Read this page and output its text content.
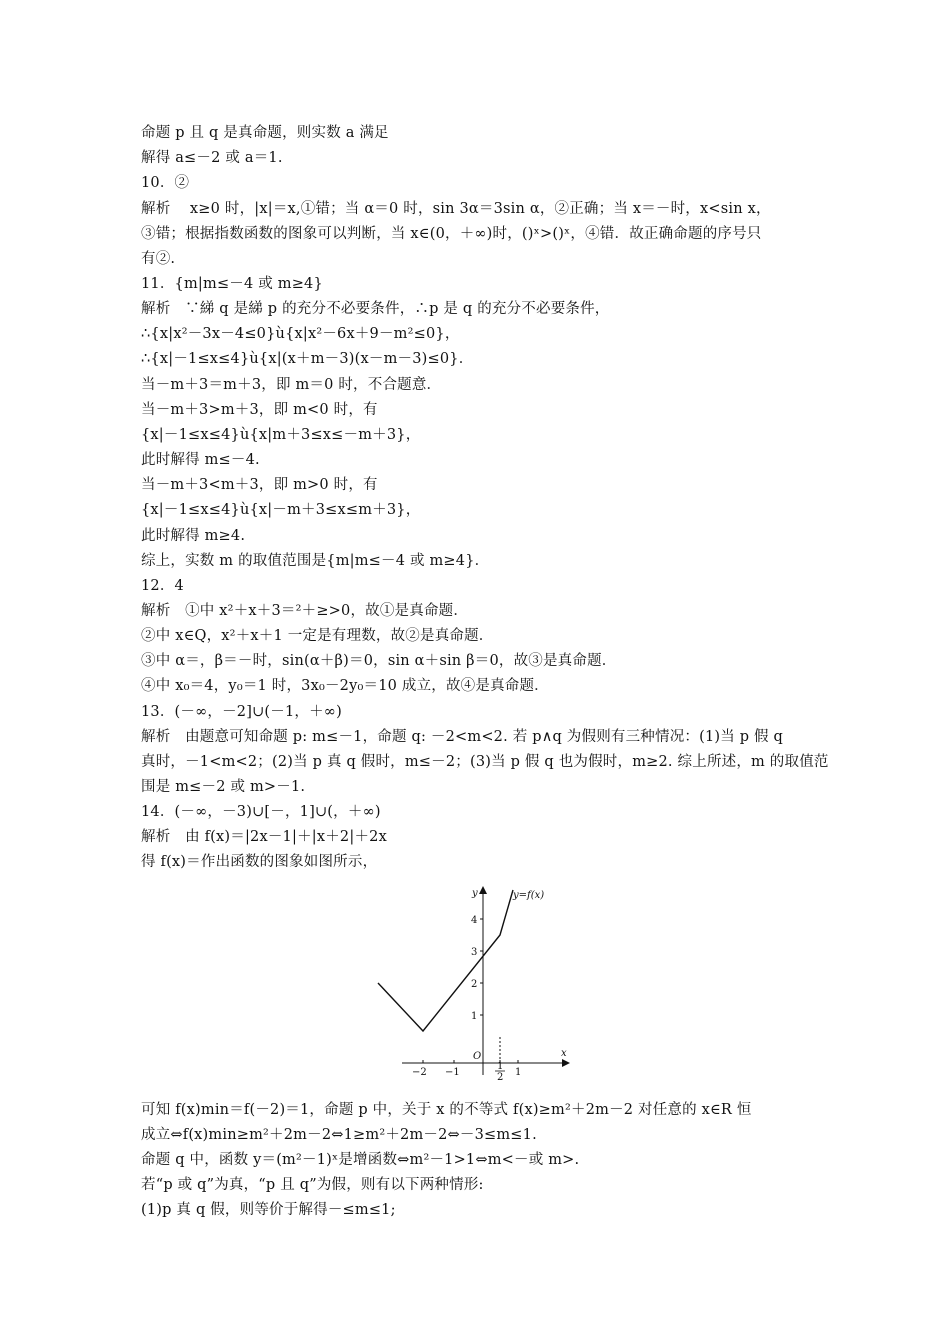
命题 p 且 q 是真命题，则实数 a 满足
解得 a≤－2 或 a＝1.
10．②
解析　 x≥0 时，|x|＝x,①错；当 α＝0 时，sin 3α＝3sin α，②正确；当 x＝－时，x<sin x，
③错；根据指数函数的图象可以判断，当 x∈(0，＋∞)时，()ˣ>()ˣ，④错．故正确命题的序号只
有②.
11．{m|m≤－4 或 m≥4}
解析　∵綈 q 是綈 p 的充分不必要条件，∴p 是 q 的充分不必要条件，
∴{x|x²－3x－4≤0}ù{x|x²－6x＋9－m²≤0}，
∴{x|－1≤x≤4}ù{x|(x＋m－3)(x－m－3)≤0}．
当－m＋3＝m＋3，即 m＝0 时，不合题意．
当－m＋3>m＋3，即 m<0 时，有
{x|－1≤x≤4}ù{x|m＋3≤x≤－m＋3}，
此时解得 m≤－4.
当－m＋3<m＋3，即 m>0 时，有
{x|－1≤x≤4}ù{x|－m＋3≤x≤m＋3}，
此时解得 m≥4.
综上，实数 m 的取值范围是{m|m≤－4 或 m≥4}．
12．4
解析　①中 x²＋x＋3＝²＋≥>0，故①是真命题．
②中 x∈Q，x²＋x＋1 一定是有理数，故②是真命题．
③中 α＝，β＝－时，sin(α＋β)＝0，sin α＋sin β＝0，故③是真命题．
④中 x₀＝4，y₀＝1 时，3x₀－2y₀＝10 成立，故④是真命题．
13．(－∞，－2]∪(－1，＋∞)
解析　由题意可知命题 p: m≤－1，命题 q: －2<m<2. 若 p∧q 为假则有三种情况：(1)当 p 假 q
真时，－1<m<2；(2)当 p 真 q 假时，m≤－2；(3)当 p 假 q 也为假时，m≥2. 综上所述，m 的取值范
围是 m≤－2 或 m>－1.
14．(－∞，－3)∪[－，1]∪(，＋∞)
解析　由 f(x)＝|2x－1|＋|x＋2|＋2x
得 f(x)＝作出函数的图象如图所示，
y=f(x)
y
x
O
4
3
2
1
−2 −1	1
1
2
可知 f(x)min＝f(－2)＝1，命题 p 中，关于 x 的不等式 f(x)≥m²＋2m－2 对任意的 x∈R 恒
成立⇔f(x)min≥m²＋2m－2⇔1≥m²＋2m－2⇔－3≤m≤1.
命题 q 中，函数 y＝(m²－1)ˣ是增函数⇔m²－1>1⇔m<－或 m>.
若“p 或 q”为真，“p 且 q”为假，则有以下两种情形:
(1)p 真 q 假，则等价于解得－≤m≤1;
